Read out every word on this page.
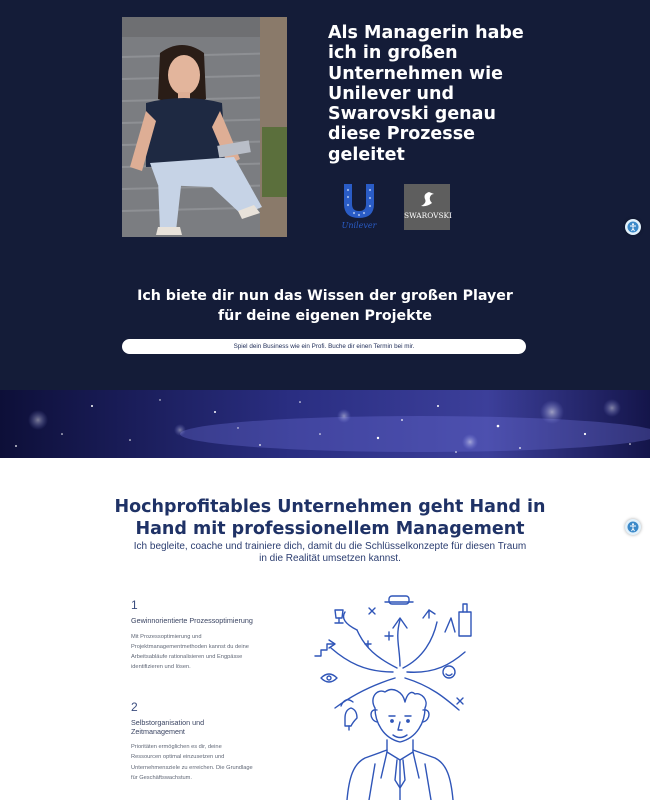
Als Managerin habe ich in großen Unternehmen wie Unilever und Swarovski genau diese Prozesse geleitet
Unilever
SWAROVSKI
Ich biete dir nun das Wissen der großen Player für deine eigenen Projekte
Spiel dein Business wie ein Profi. Buche dir einen Termin bei mir.
Hochprofitables Unternehmen geht Hand in Hand mit professionellem Management

Ich begleite, coache und trainiere dich, damit du die Schlüsselkonzepte für diesen Traum in die Realität umsetzen kannst.

1
Gewinnorientierte Prozessoptimierung
Mit Prozessoptimierung und Projektmanagementmethoden kannst du deine Arbeitsabläufe rationalisieren und Engpässe identifizieren und lösen.
2
Selbstorganisation und Zeitmanagement
Prioritäten ermöglichen es dir, deine Ressourcen optimal einzusetzen und Unternehmensziele zu erreichen. Die Grundlage für Geschäftswachstum.
